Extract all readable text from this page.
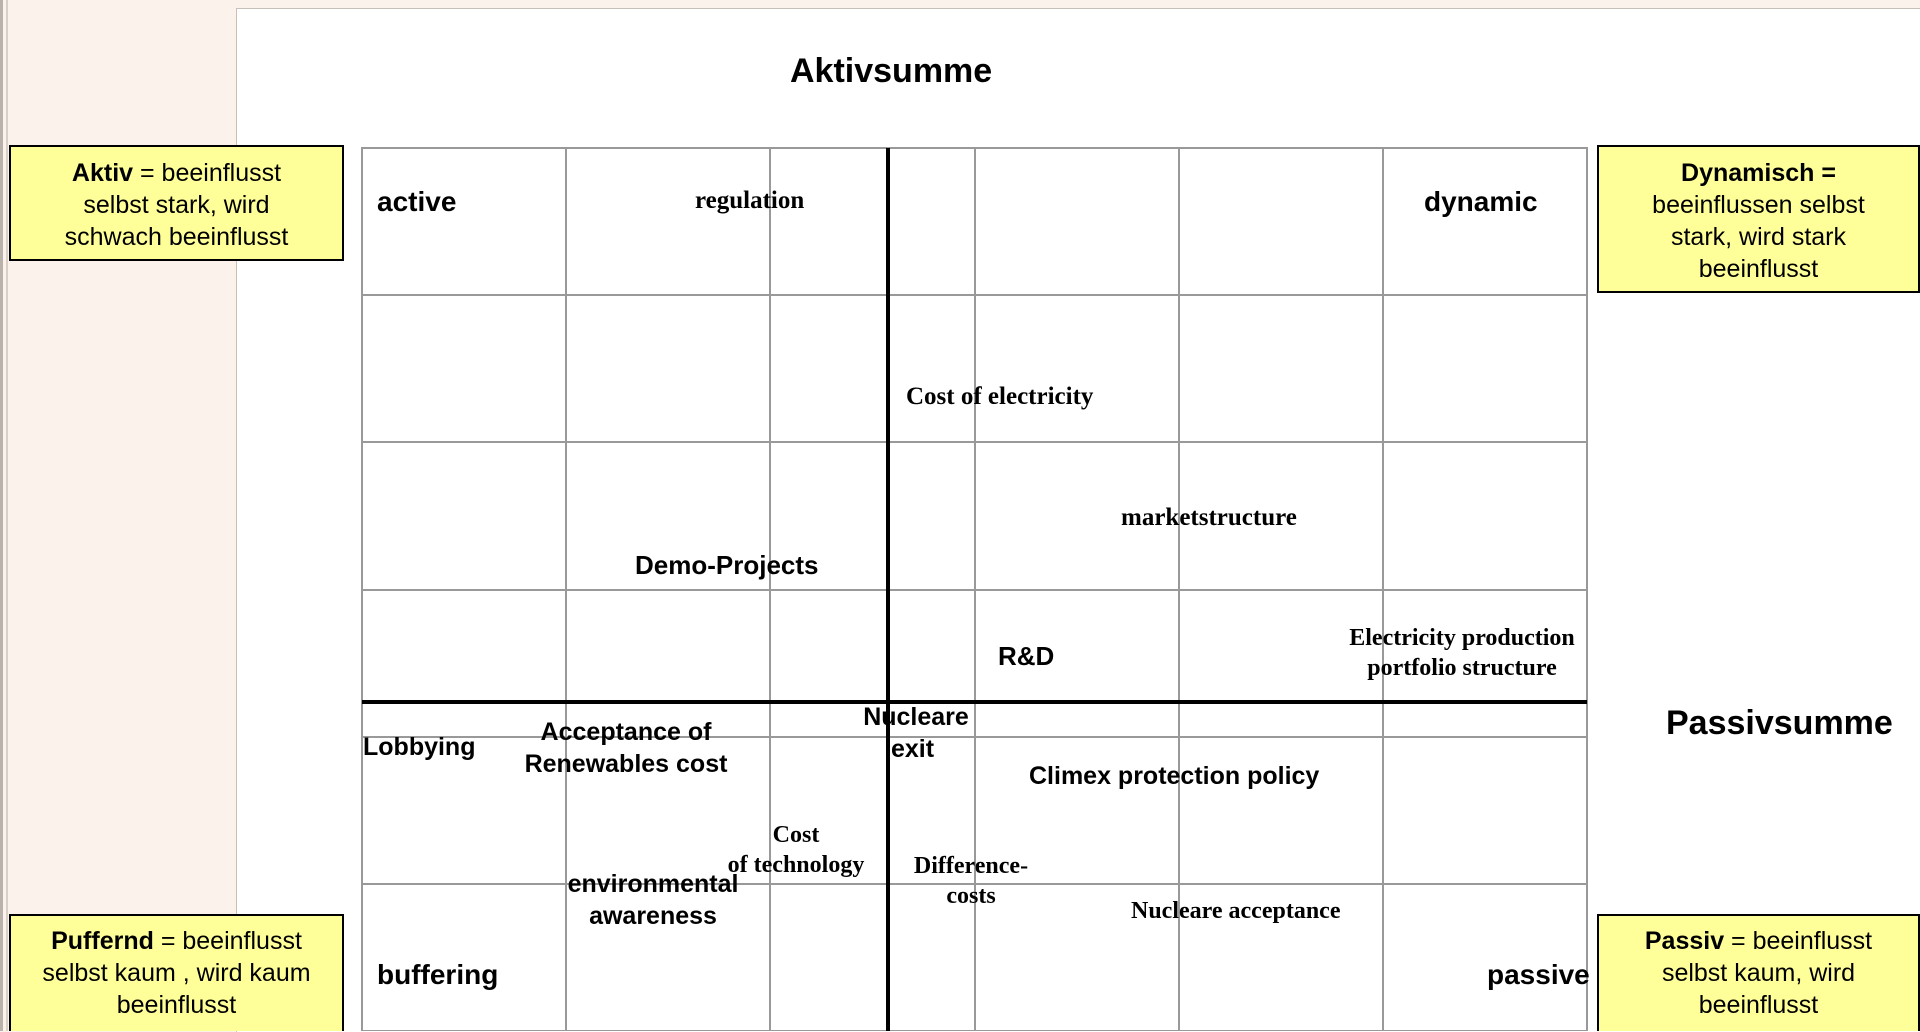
Aktivsumme
active	dynamic
buffering	passive
regulation
Cost of electricity
marketstructure
Demo-Projects
R&D
Electricity production
portfolio structure
Lobbying
Acceptance of
Renewables cost
Nucleare
exit
Climex protection policy
Cost
of technology
environmental
awareness
Difference-
costs
Nucleare acceptance
Passivsumme
Aktiv = beeinflusst
selbst stark, wird
schwach beeinflusst
Dynamisch =
beeinflussen selbst
stark, wird stark
beeinflusst
Puffernd = beeinflusst
selbst kaum , wird kaum
beeinflusst
Passiv = beeinflusst
selbst kaum, wird
beeinflusst
